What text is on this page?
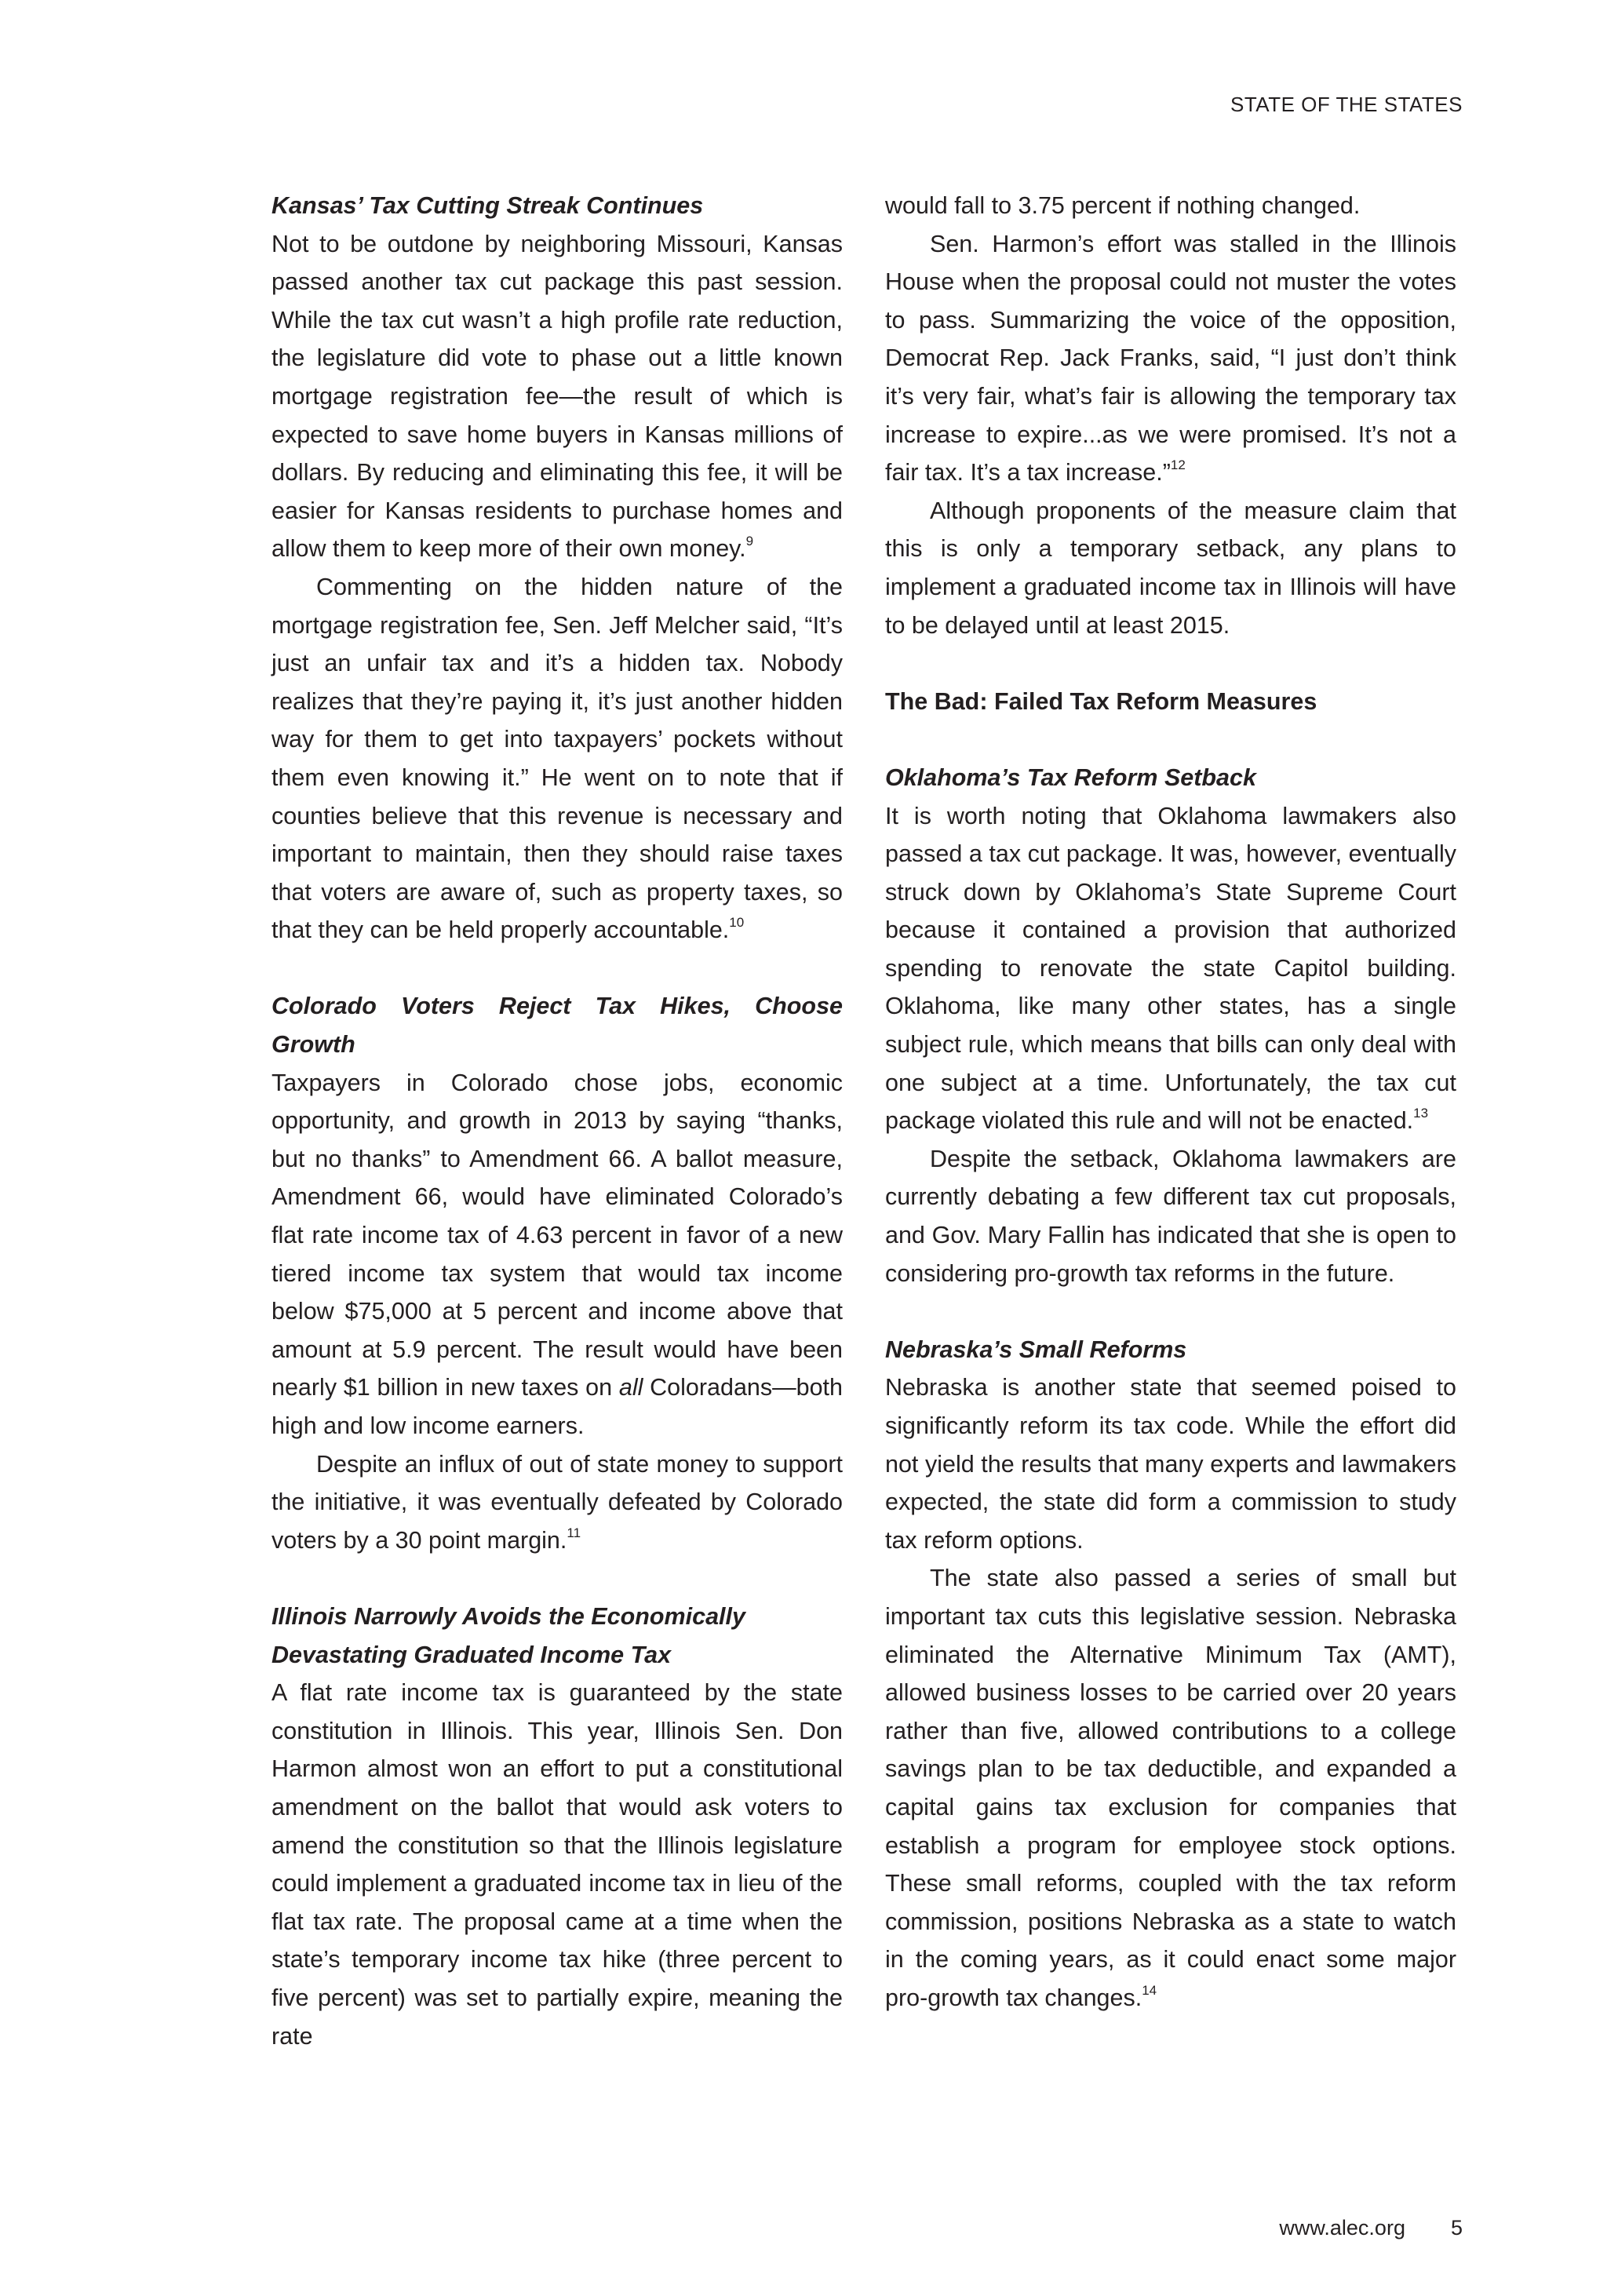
STATE OF THE STATES
Kansas’ Tax Cutting Streak Continues

Not to be outdone by neighboring Missouri, Kansas passed another tax cut package this past session. While the tax cut wasn’t a high profile rate reduction, the legislature did vote to phase out a little known mortgage registration fee—the result of which is expected to save home buyers in Kansas millions of dollars. By reducing and eliminating this fee, it will be easier for Kansas residents to purchase homes and allow them to keep more of their own money.$^9$

Commenting on the hidden nature of the mortgage registration fee, Sen. Jeff Melcher said, “It’s just an unfair tax and it’s a hidden tax. Nobody realizes that they’re paying it, it’s just another hidden way for them to get into taxpayers’ pockets without them even knowing it.” He went on to note that if counties believe that this revenue is necessary and important to maintain, then they should raise taxes that voters are aware of, such as property taxes, so that they can be held properly accountable.$^{10}$

Colorado Voters Reject Tax Hikes, Choose Growth

Taxpayers in Colorado chose jobs, economic opportunity, and growth in 2013 by saying “thanks, but no thanks” to Amendment 66. A ballot measure, Amendment 66, would have eliminated Colorado’s flat rate income tax of 4.63 percent in favor of a new tiered income tax system that would tax income below $75,000 at 5 percent and income above that amount at 5.9 percent. The result would have been nearly $1 billion in new taxes on all Coloradans—both high and low income earners.

Despite an influx of out of state money to support the initiative, it was eventually defeated by Colorado voters by a 30 point margin.$^{11}$

Illinois Narrowly Avoids the Economically
Devastating Graduated Income Tax

A flat rate income tax is guaranteed by the state constitution in Illinois. This year, Illinois Sen. Don Harmon almost won an effort to put a constitutional amendment on the ballot that would ask voters to amend the constitution so that the Illinois legislature could implement a graduated income tax in lieu of the flat tax rate. The proposal came at a time when the state’s temporary income tax hike (three percent to five percent) was set to partially expire, meaning the rate

would fall to 3.75 percent if nothing changed.

Sen. Harmon’s effort was stalled in the Illinois House when the proposal could not muster the votes to pass. Summarizing the voice of the opposition, Democrat Rep. Jack Franks, said, “I just don’t think it’s very fair, what’s fair is allowing the temporary tax increase to expire...as we were promised. It’s not a fair tax. It’s a tax increase.”$^{12}$

Although proponents of the measure claim that this is only a temporary setback, any plans to implement a graduated income tax in Illinois will have to be delayed until at least 2015.

The Bad: Failed Tax Reform Measures
Oklahoma’s Tax Reform Setback

It is worth noting that Oklahoma lawmakers also passed a tax cut package. It was, however, eventually struck down by Oklahoma’s State Supreme Court because it contained a provision that authorized spending to renovate the state Capitol building. Oklahoma, like many other states, has a single subject rule, which means that bills can only deal with one subject at a time. Unfortunately, the tax cut package violated this rule and will not be enacted.$^{13}$

Despite the setback, Oklahoma lawmakers are currently debating a few different tax cut proposals, and Gov. Mary Fallin has indicated that she is open to considering pro-growth tax reforms in the future.

Nebraska’s Small Reforms

Nebraska is another state that seemed poised to significantly reform its tax code. While the effort did not yield the results that many experts and lawmakers expected, the state did form a commission to study tax reform options.

The state also passed a series of small but important tax cuts this legislative session. Nebraska eliminated the Alternative Minimum Tax (AMT), allowed business losses to be carried over 20 years rather than five, allowed contributions to a college savings plan to be tax deductible, and expanded a capital gains tax exclusion for companies that establish a program for employee stock options. These small reforms, coupled with the tax reform commission, positions Nebraska as a state to watch in the coming years, as it could enact some major pro-growth tax changes.$^{14}$

www.alec.org 5
